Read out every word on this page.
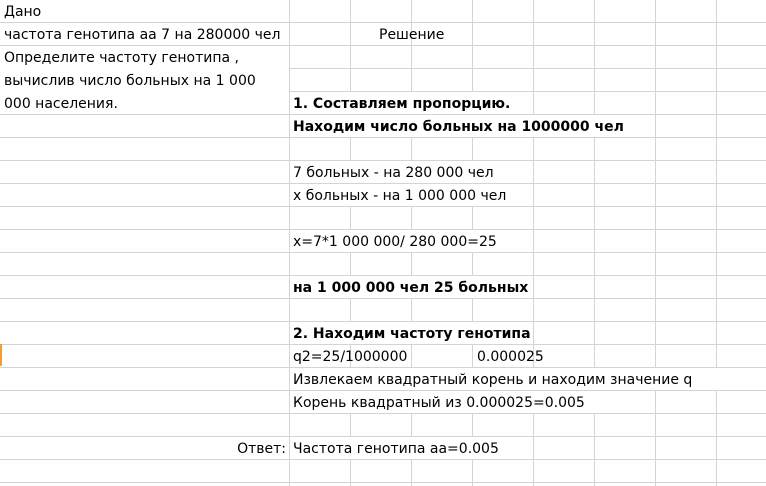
Дано
частота генотипа аа 7 на 280000 чел	Решение
Определите частоту генотипа ,
вычислив число больных на 1 000
000 населения.	1. Составляем пропорцию.
Находим число больных на 1000000 чел
7 больных - на 280 000 чел
х больных - на 1 000 000 чел
х=7*1 000 000/ 280 000=25
на 1 000 000 чел 25 больных
2. Находим частоту генотипа
q2=25/1000000	0.000025
Извлекаем квадратный корень и находим значение q
Корень квадратный из 0.000025=0.005
Ответ: Частота генотипа аа=0.005
